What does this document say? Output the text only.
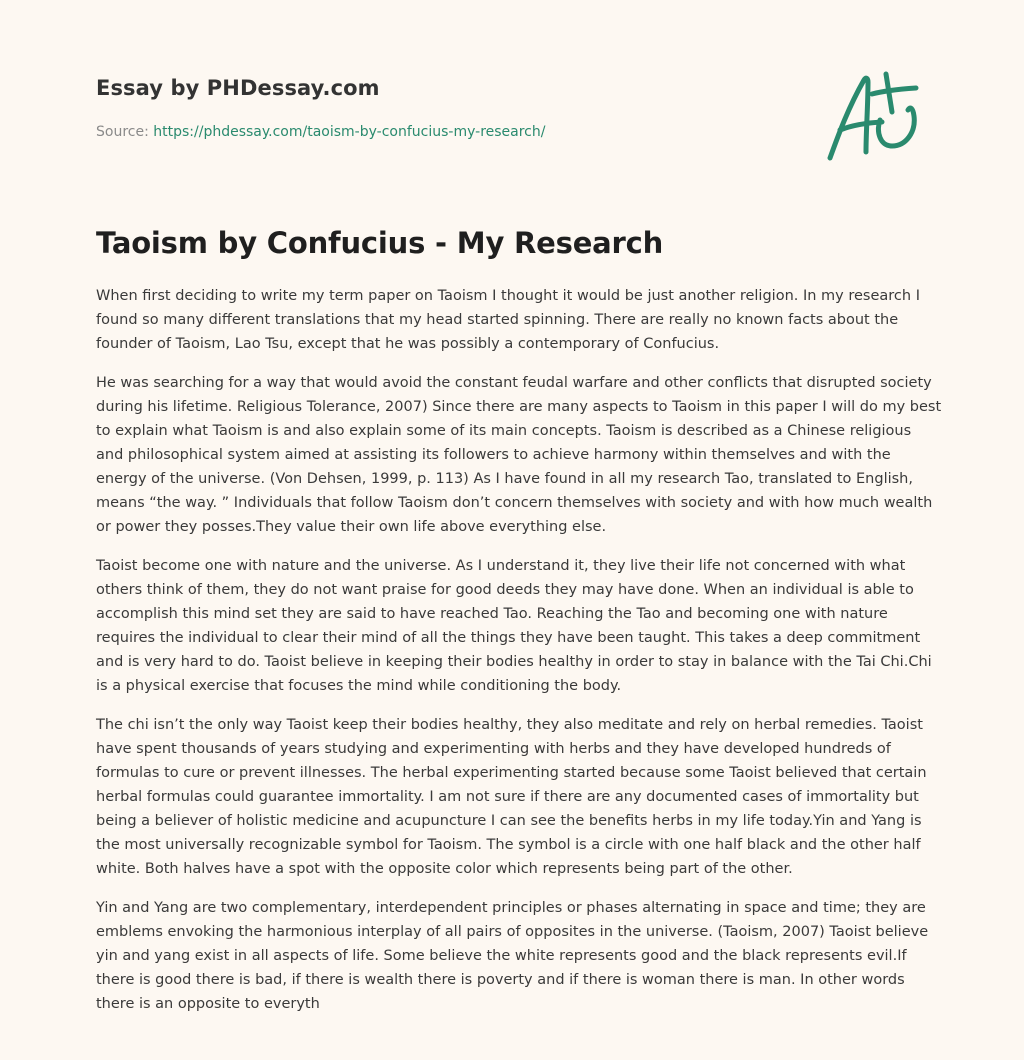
Essay by PHDessay.com
Source: https://phdessay.com/taoism-by-confucius-my-research/
Taoism by Confucius - My Research

When first deciding to write my term paper on Taoism I thought it would be just another religion. In my research I found so many different translations that my head started spinning. There are really no known facts about the founder of Taoism, Lao Tsu, except that he was possibly a contemporary of Confucius.

He was searching for a way that would avoid the constant feudal warfare and other conflicts that disrupted society during his lifetime. Religious Tolerance, 2007) Since there are many aspects to Taoism in this paper I will do my best to explain what Taoism is and also explain some of its main concepts. Taoism is described as a Chinese religious and philosophical system aimed at assisting its followers to achieve harmony within themselves and with the energy of the universe. (Von Dehsen, 1999, p. 113) As I have found in all my research Tao, translated to English, means “the way. ” Individuals that follow Taoism don’t concern themselves with society and with how much wealth or power they posses.They value their own life above everything else.

Taoist become one with nature and the universe. As I understand it, they live their life not concerned with what others think of them, they do not want praise for good deeds they may have done. When an individual is able to accomplish this mind set they are said to have reached Tao. Reaching the Tao and becoming one with nature requires the individual to clear their mind of all the things they have been taught. This takes a deep commitment and is very hard to do. Taoist believe in keeping their bodies healthy in order to stay in balance with the Tai Chi.Chi is a physical exercise that focuses the mind while conditioning the body.

The chi isn’t the only way Taoist keep their bodies healthy, they also meditate and rely on herbal remedies. Taoist have spent thousands of years studying and experimenting with herbs and they have developed hundreds of formulas to cure or prevent illnesses. The herbal experimenting started because some Taoist believed that certain herbal formulas could guarantee immortality. I am not sure if there are any documented cases of immortality but being a believer of holistic medicine and acupuncture I can see the benefits herbs in my life today.Yin and Yang is the most universally recognizable symbol for Taoism. The symbol is a circle with one half black and the other half white. Both halves have a spot with the opposite color which represents being part of the other.

Yin and Yang are two complementary, interdependent principles or phases alternating in space and time; they are emblems envoking the harmonious interplay of all pairs of opposites in the universe. (Taoism, 2007) Taoist believe yin and yang exist in all aspects of life. Some believe the white represents good and the black represents evil.If there is good there is bad, if there is wealth there is poverty and if there is woman there is man. In other words there is an opposite to everyth
